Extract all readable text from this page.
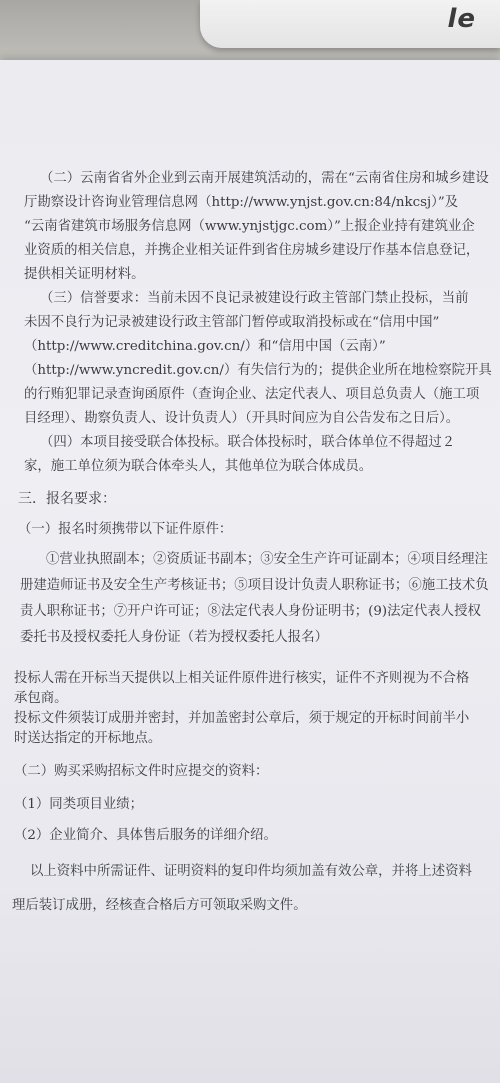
le

（二）云南省省外企业到云南开展建筑活动的，需在“云南省住房和城乡建设

厅勘察设计咨询业管理信息网（http://www.ynjst.gov.cn:84/nkcsj）”及

“云南省建筑市场服务信息网（www.ynjstjgc.com）”上报企业持有建筑业企

业资质的相关信息，并携企业相关证件到省住房城乡建设厅作基本信息登记，

提供相关证明材料。

（三）信誉要求：当前未因不良记录被建设行政主管部门禁止投标，当前

未因不良行为记录被建设行政主管部门暂停或取消投标或在“信用中国”

（http://www.creditchina.gov.cn/）和“信用中国（云南）”

（http://www.yncredit.gov.cn/）有失信行为的；提供企业所在地检察院开具

的行贿犯罪记录查询函原件（查询企业、法定代表人、项目总负责人（施工项

目经理）、勘察负责人、设计负责人）（开具时间应为自公告发布之日后）。

（四）本项目接受联合体投标。联合体投标时，联合体单位不得超过２

家，施工单位须为联合体牵头人，其他单位为联合体成员。

三．报名要求：

（一）报名时须携带以下证件原件：

①营业执照副本；②资质证书副本；③安全生产许可证副本；④项目经理注

册建造师证书及安全生产考核证书；⑤项目设计负责人职称证书；⑥施工技术负

责人职称证书；⑦开户许可证；⑧法定代表人身份证明书；(9)法定代表人授权

委托书及授权委托人身份证（若为授权委托人报名）

投标人需在开标当天提供以上相关证件原件进行核实，证件不齐则视为不合格

承包商。

投标文件须装订成册并密封，并加盖密封公章后，须于规定的开标时间前半小

时送达指定的开标地点。

（二）购买采购招标文件时应提交的资料：

（1）同类项目业绩；

（2）企业简介、具体售后服务的详细介绍。

以上资料中所需证件、证明资料的复印件均须加盖有效公章，并将上述资料

理后装订成册，经核查合格后方可领取采购文件。
